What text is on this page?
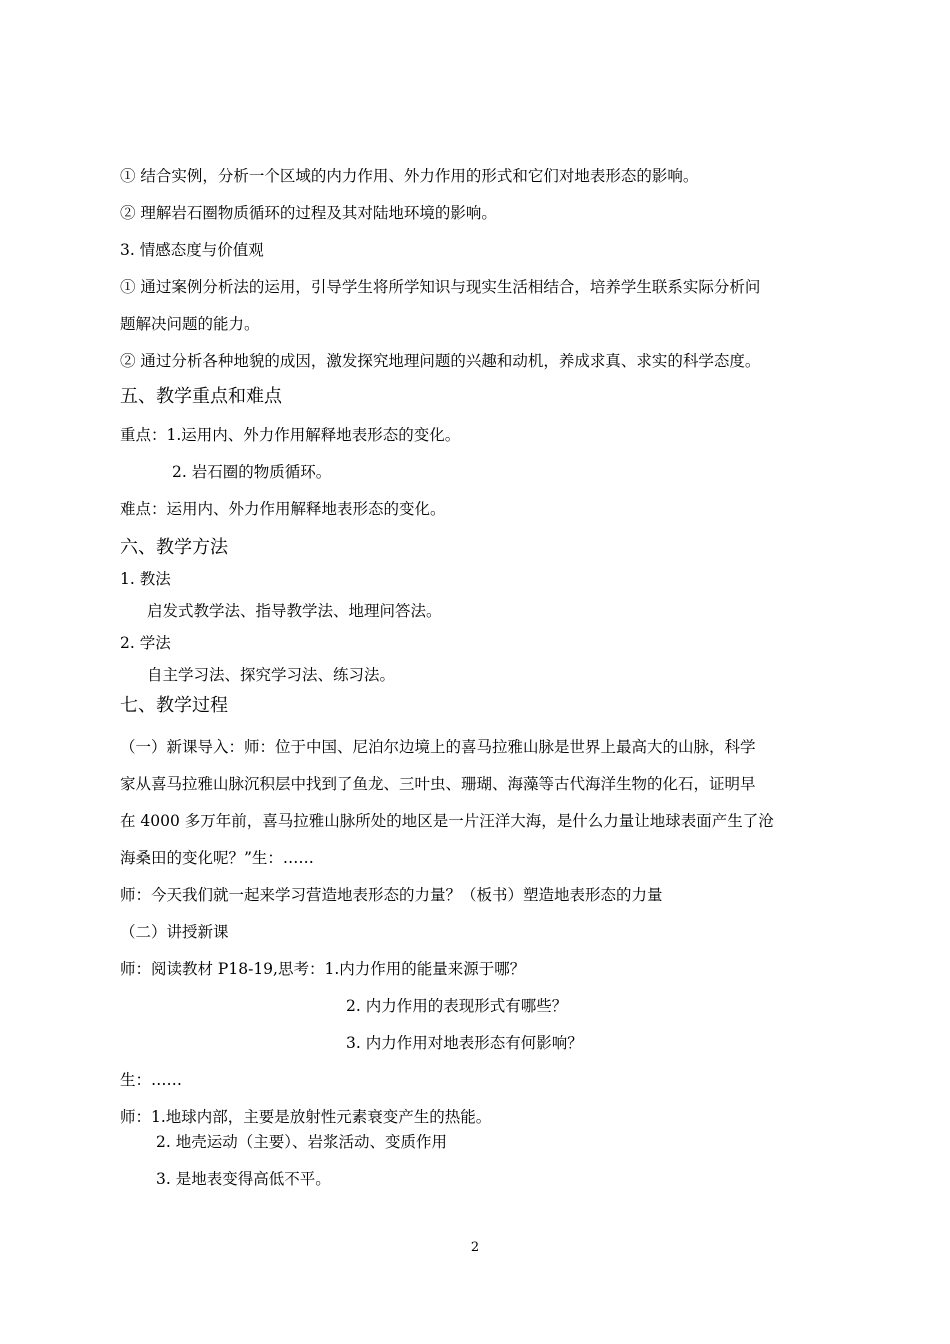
① 结合实例，分析一个区域的内力作用、外力作用的形式和它们对地表形态的影响。
② 理解岩石圈物质循环的过程及其对陆地环境的影响。
3. 情感态度与价值观
① 通过案例分析法的运用，引导学生将所学知识与现实生活相结合，培养学生联系实际分析问
题解决问题的能力。
② 通过分析各种地貌的成因，激发探究地理问题的兴趣和动机，养成求真、求实的科学态度。
五、教学重点和难点
重点：1.运用内、外力作用解释地表形态的变化。
2. 岩石圈的物质循环。
难点：运用内、外力作用解释地表形态的变化。
六、教学方法
1. 教法
启发式教学法、指导教学法、地理问答法。
2. 学法
自主学习法、探究学习法、练习法。
七、教学过程
（一）新课导入：师：位于中国、尼泊尔边境上的喜马拉雅山脉是世界上最高大的山脉，科学
家从喜马拉雅山脉沉积层中找到了鱼龙、三叶虫、珊瑚、海藻等古代海洋生物的化石，证明早
在 4000 多万年前，喜马拉雅山脉所处的地区是一片汪洋大海，是什么力量让地球表面产生了沧
海桑田的变化呢？”生：……
师：今天我们就一起来学习营造地表形态的力量？（板书）塑造地表形态的力量
（二）讲授新课
师：阅读教材 P18-19,思考：1.内力作用的能量来源于哪？
2. 内力作用的表现形式有哪些？
3. 内力作用对地表形态有何影响？
生：……
师：1.地球内部，主要是放射性元素衰变产生的热能。
2. 地壳运动（主要）、岩浆活动、变质作用
3. 是地表变得高低不平。
2
